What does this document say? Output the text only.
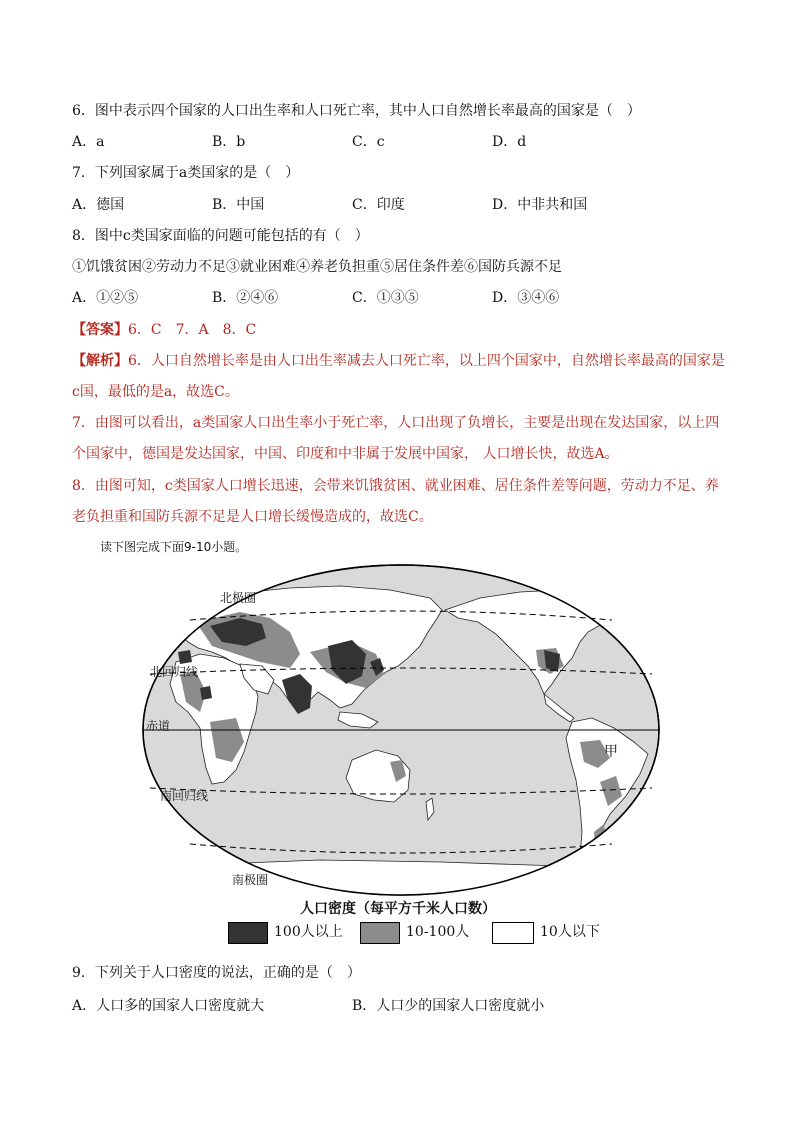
6．图中表示四个国家的人口出生率和人口死亡率，其中人口自然增长率最高的国家是（　）
A．a	B．b	C．c	D．d
7．下列国家属于a类国家的是（　）
A．德国	B．中国	C．印度	D．中非共和国
8．图中c类国家面临的问题可能包括的有（　）
①饥饿贫困②劳动力不足③就业困难④养老负担重⑤居住条件差⑥国防兵源不足
A．①②⑤	B．②④⑥	C．①③⑤	D．③④⑥
【答案】6．C　7．A　8．C
【解析】6．人口自然增长率是由人口出生率减去人口死亡率，以上四个国家中，自然增长率最高的国家是
c国，最低的是a，故选C。
7．由图可以看出，a类国家人口出生率小于死亡率，人口出现了负增长，主要是出现在发达国家，以上四
个国家中，德国是发达国家，中国、印度和中非属于发展中国家， 人口增长快，故选A。
8．由图可知，c类国家人口增长迅速，会带来饥饿贫困、就业困难、居住条件差等问题，劳动力不足、养
老负担重和国防兵源不足是人口增长缓慢造成的，故选C。
读下图完成下面9-10小题。
北极圈
北回归线
赤道
南回归线
南极圈
甲
人口密度（每平方千米人口数）
100人以上	10-100人	10人以下
9．下列关于人口密度的说法，正确的是（　）
A．人口多的国家人口密度就大	B．人口少的国家人口密度就小
